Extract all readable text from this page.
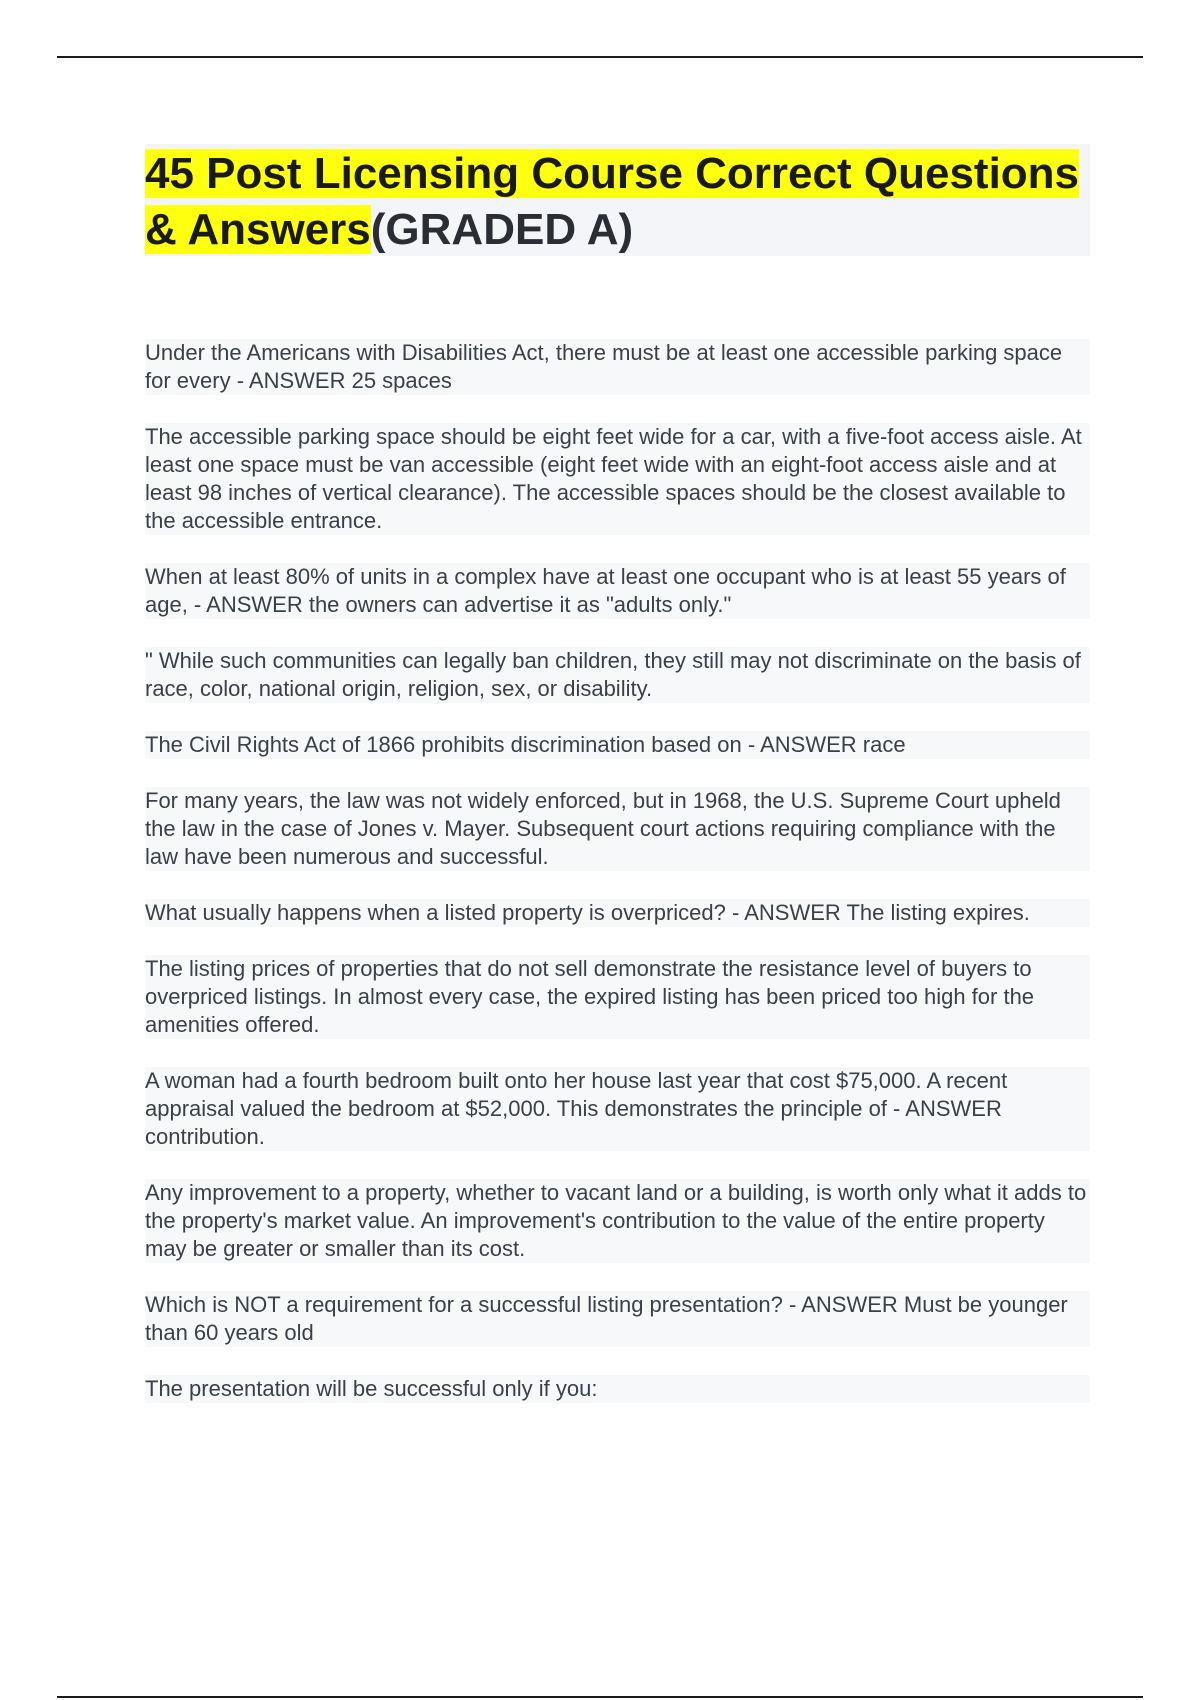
45 Post Licensing Course Correct Questions & Answers(GRADED A)

Under the Americans with Disabilities Act, there must be at least one accessible parking space for every - ANSWER 25 spaces

The accessible parking space should be eight feet wide for a car, with a five-foot access aisle. At least one space must be van accessible (eight feet wide with an eight-foot access aisle and at least 98 inches of vertical clearance). The accessible spaces should be the closest available to the accessible entrance.

When at least 80% of units in a complex have at least one occupant who is at least 55 years of age, - ANSWER the owners can advertise it as "adults only."

" While such communities can legally ban children, they still may not discriminate on the basis of race, color, national origin, religion, sex, or disability.

The Civil Rights Act of 1866 prohibits discrimination based on - ANSWER race

For many years, the law was not widely enforced, but in 1968, the U.S. Supreme Court upheld the law in the case of Jones v. Mayer. Subsequent court actions requiring compliance with the law have been numerous and successful.

What usually happens when a listed property is overpriced? - ANSWER The listing expires.

The listing prices of properties that do not sell demonstrate the resistance level of buyers to overpriced listings. In almost every case, the expired listing has been priced too high for the amenities offered.

A woman had a fourth bedroom built onto her house last year that cost $75,000. A recent appraisal valued the bedroom at $52,000. This demonstrates the principle of - ANSWER contribution.

Any improvement to a property, whether to vacant land or a building, is worth only what it adds to the property's market value. An improvement's contribution to the value of the entire property may be greater or smaller than its cost.

Which is NOT a requirement for a successful listing presentation? - ANSWER Must be younger than 60 years old

The presentation will be successful only if you:
